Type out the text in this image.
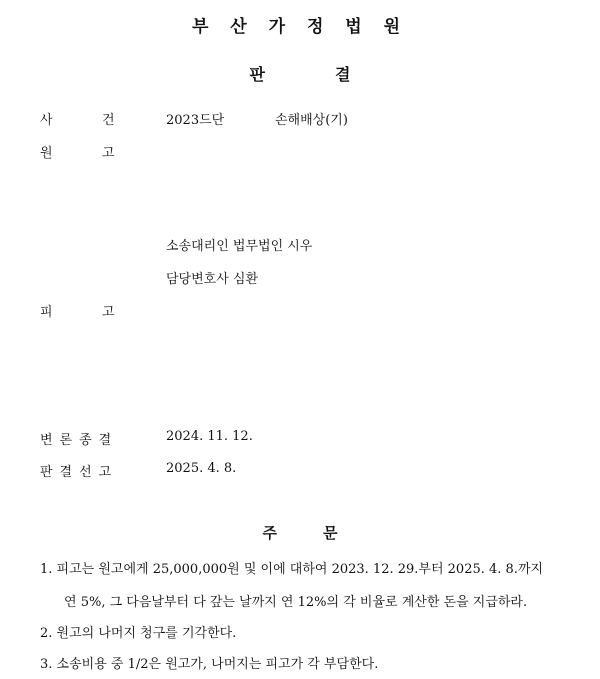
부 산 가 정 법 원
판	결
사	건	2023드단	손해배상(기)
원	고
소송대리인 법무법인 시우
담당변호사 심환
피	고
변론종결	2024. 11. 12.
판결선고	2025. 4. 8.
주	문
1. 피고는 원고에게 25,000,000원 및 이에 대하여 2023. 12. 29.부터 2025. 4. 8.까지
연 5%, 그 다음날부터 다 갚는 날까지 연 12%의 각 비율로 계산한 돈을 지급하라.
2. 원고의 나머지 청구를 기각한다.
3. 소송비용 중 1/2은 원고가, 나머지는 피고가 각 부담한다.
